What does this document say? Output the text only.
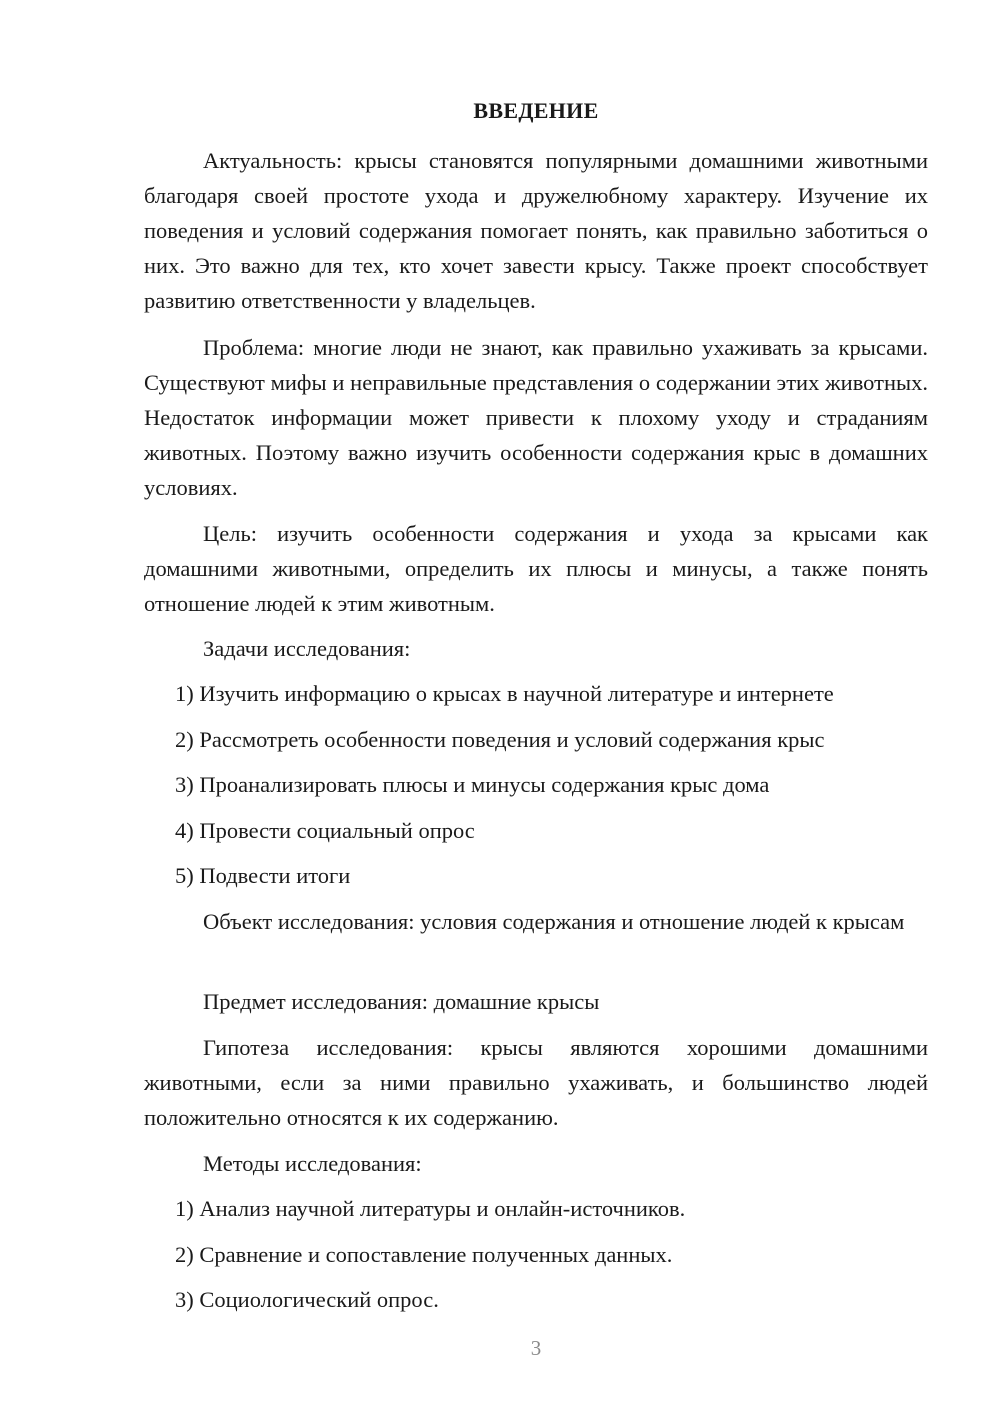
ВВЕДЕНИЕ

Актуальность: крысы становятся популярными домашними животными благодаря своей простоте ухода и дружелюбному характеру. Изучение их поведения и условий содержания помогает понять, как правильно заботиться о них. Это важно для тех, кто хочет завести крысу. Также проект способствует развитию ответственности у владельцев.

Проблема: многие люди не знают, как правильно ухаживать за крысами. Существуют мифы и неправильные представления о содержании этих животных. Недостаток информации может привести к плохому уходу и страданиям животных. Поэтому важно изучить особенности содержания крыс в домашних условиях.

Цель: изучить особенности содержания и ухода за крысами как домашними животными, определить их плюсы и минусы, а также понять отношение людей к этим животным.

Задачи исследования:

1) Изучить информацию о крысах в научной литературе и интернете

2) Рассмотреть особенности поведения и условий содержания крыс

3) Проанализировать плюсы и минусы содержания крыс дома

4) Провести социальный опрос

5) Подвести итоги

Объект исследования: условия содержания и отношение людей к крысам

Предмет исследования: домашние крысы

Гипотеза исследования: крысы являются хорошими домашними животными, если за ними правильно ухаживать, и большинство людей положительно относятся к их содержанию.

Методы исследования:

1) Анализ научной литературы и онлайн-источников.

2) Сравнение и сопоставление полученных данных.

3) Социологический опрос.

3
